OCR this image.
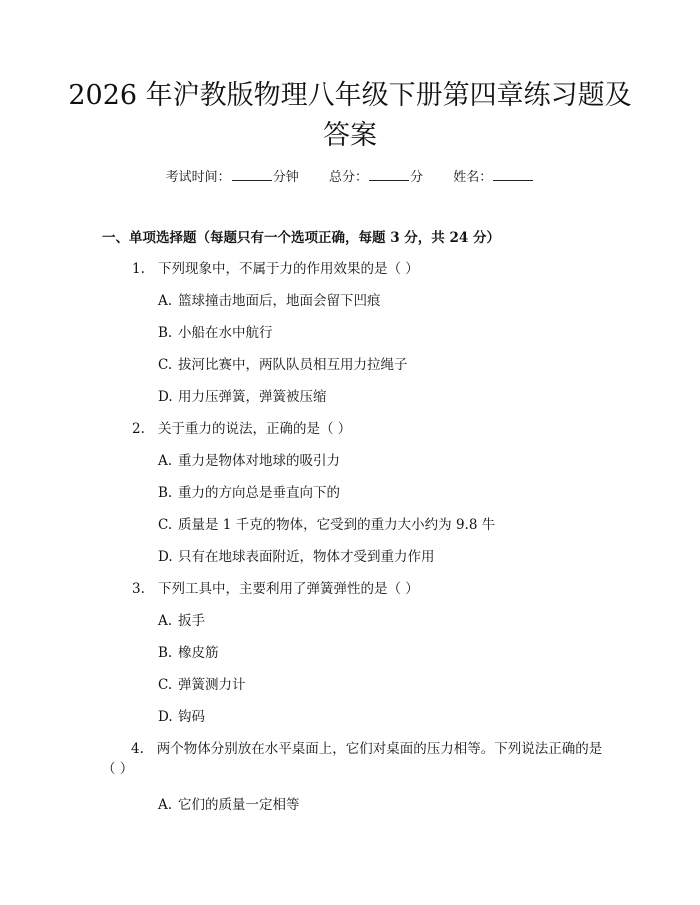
2026 年沪教版物理八年级下册第四章练习题及答案
考试时间：	分钟 总分：	分 姓名：
一、单项选择题（每题只有一个选项正确，每题 3 分，共 24 分）
1. 下列现象中，不属于力的作用效果的是（ ）
A. 篮球撞击地面后，地面会留下凹痕
B. 小船在水中航行
C. 拔河比赛中，两队队员相互用力拉绳子
D. 用力压弹簧，弹簧被压缩
2. 关于重力的说法，正确的是（ ）
A. 重力是物体对地球的吸引力
B. 重力的方向总是垂直向下的
C. 质量是 1 千克的物体，它受到的重力大小约为 9.8 牛
D. 只有在地球表面附近，物体才受到重力作用
3. 下列工具中，主要利用了弹簧弹性的是（ ）
A. 扳手
B. 橡皮筋
C. 弹簧测力计
D. 钩码
4. 两个物体分别放在水平桌面上，它们对桌面的压力相等。下列说法正确的是（ ）
A. 它们的质量一定相等
